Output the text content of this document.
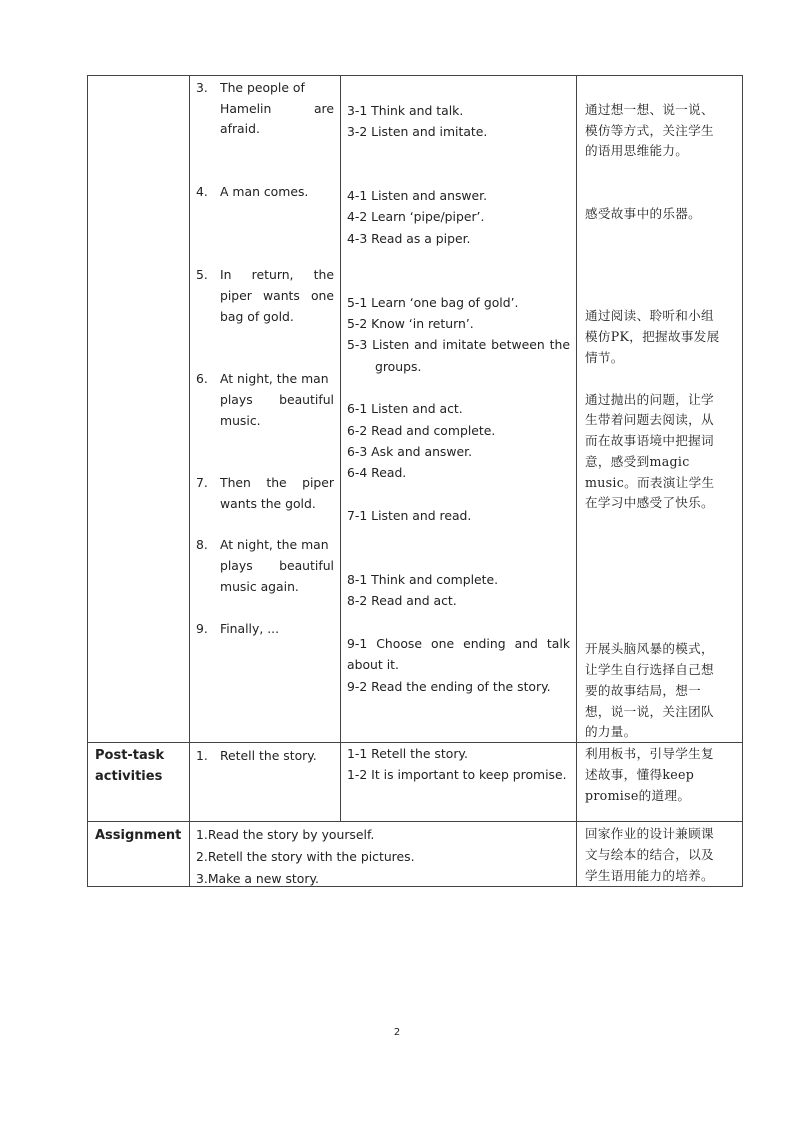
3.
4.
5.
6.
7.
8.
9.
The people of
Hamelin are
afraid.
A man comes.
In return, the
piper wants one
bag of gold.
At night, the man
plays beautiful
music.
Then the piper
wants the gold.
At night, the man
plays beautiful
music again.
Finally, ...
3-1 Think and talk.
3-2 Listen and imitate.
4-1 Listen and answer.
4-2 Learn ‘pipe/piper’.
4-3 Read as a piper.
5-1 Learn ‘one bag of gold’.
5-2 Know ‘in return’.
5-3 Listen and imitate between the
groups.
6-1 Listen and act.
6-2 Read and complete.
6-3 Ask and answer.
6-4 Read.
7-1 Listen and read.
8-1 Think and complete.
8-2 Read and act.
9-1 Choose one ending and talk
about it.
9-2 Read the ending of the story.
通过想一想、说一说、
模仿等方式，关注学生
的语用思维能力。
感受故事中的乐器。
通过阅读、聆听和小组
模仿PK，把握故事发展
情节。
通过抛出的问题，让学
生带着问题去阅读，从
而在故事语境中把握词
意，感受到magic
music。而表演让学生
在学习中感受了快乐。
开展头脑风暴的模式，
让学生自行选择自己想
要的故事结局，想一
想，说一说，关注团队
的力量。
Post-task
activities
1. Retell the story. 1-1 Retell the story.
1-2 It is important to keep promise.
利用板书，引导学生复
述故事，懂得keep
promise的道理。
Assignment 1.Read the story by yourself.
2.Retell the story with the pictures.
3.Make a new story.
回家作业的设计兼顾课
文与绘本的结合，以及
学生语用能力的培养。
2
